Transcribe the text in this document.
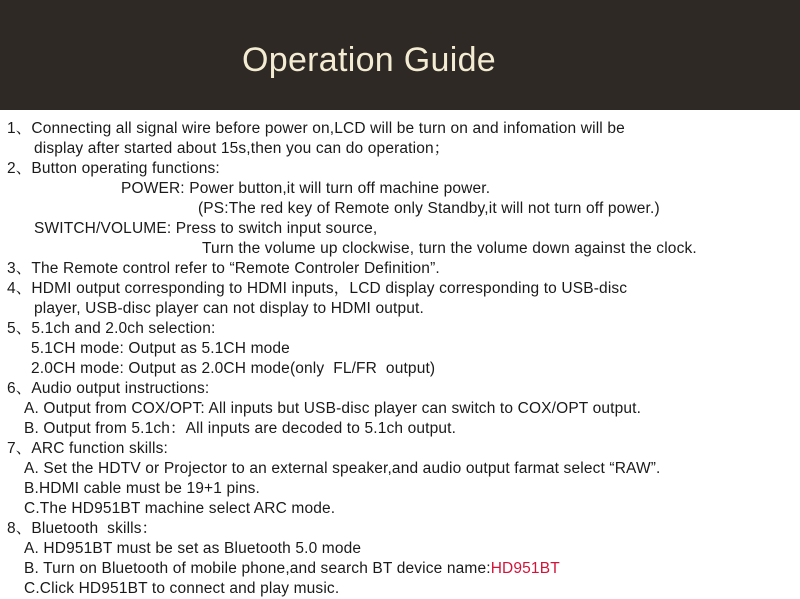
Operation Guide
1、Connecting all signal wire before power on,LCD will be turn on and infomation will be
display after started about 15s,then you can do operation；
2、Button operating functions:
POWER: Power button,it will turn off machine power.
(PS:The red key of Remote only Standby,it will not turn off power.)
SWITCH/VOLUME: Press to switch input source,
Turn the volume up clockwise, turn the volume down against the clock.
3、The Remote control refer to “Remote Controler Definition”.
4、HDMI output corresponding to HDMI inputs，LCD display corresponding to USB-disc
player, USB-disc player can not display to HDMI output.
5、5.1ch and 2.0ch selection:
5.1CH mode: Output as 5.1CH mode
2.0CH mode: Output as 2.0CH mode(only  FL/FR  output)
6、Audio output instructions:
A. Output from COX/OPT: All inputs but USB-disc player can switch to COX/OPT output.
B. Output from 5.1ch：All inputs are decoded to 5.1ch output.
7、ARC function skills:
A. Set the HDTV or Projector to an external speaker,and audio output farmat select “RAW”.
B.HDMI cable must be 19+1 pins.
C.The HD951BT machine select ARC mode.
8、Bluetooth  skills：
A. HD951BT must be set as Bluetooth 5.0 mode
B. Turn on Bluetooth of mobile phone,and search BT device name:HD951BT
C.Click HD951BT to connect and play music.
